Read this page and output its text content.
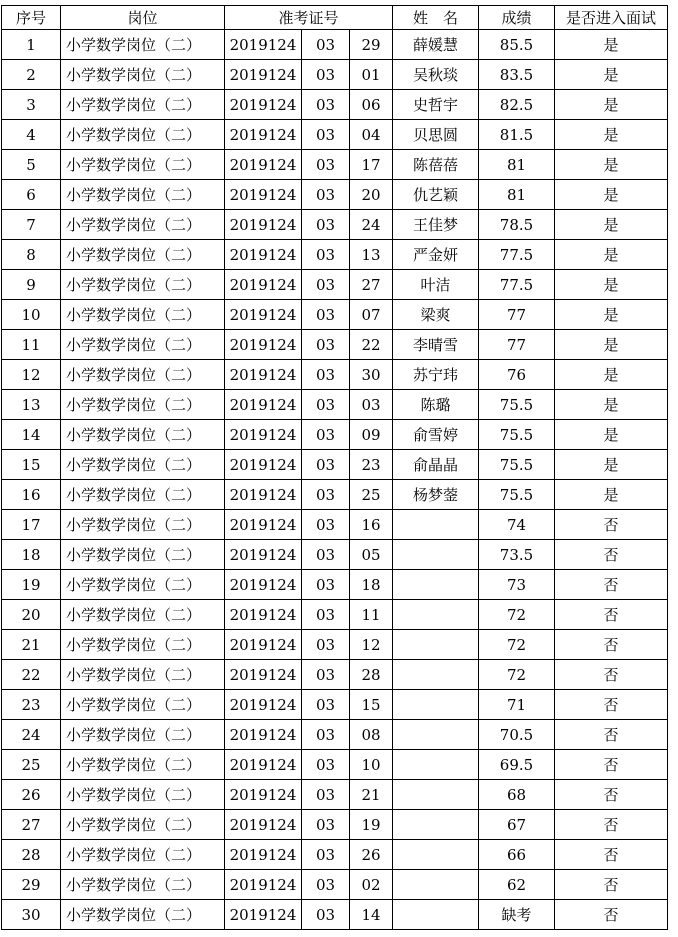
序号	岗位	准考证号			姓　名	成绩	是否进入面试
1	小学数学岗位（二）	2019124	03	29	薛媛慧	85.5	是
2	小学数学岗位（二）	2019124	03	01	吴秋琰	83.5	是
3	小学数学岗位（二）	2019124	03	06	史哲宇	82.5	是
4	小学数学岗位（二）	2019124	03	04	贝思圆	81.5	是
5	小学数学岗位（二）	2019124	03	17	陈蓓蓓	81	是
6	小学数学岗位（二）	2019124	03	20	仇艺颖	81	是
7	小学数学岗位（二）	2019124	03	24	王佳梦	78.5	是
8	小学数学岗位（二）	2019124	03	13	严金妍	77.5	是
9	小学数学岗位（二）	2019124	03	27	叶洁	77.5	是
10	小学数学岗位（二）	2019124	03	07	梁爽	77	是
11	小学数学岗位（二）	2019124	03	22	李晴雪	77	是
12	小学数学岗位（二）	2019124	03	30	苏宁玮	76	是
13	小学数学岗位（二）	2019124	03	03	陈璐	75.5	是
14	小学数学岗位（二）	2019124	03	09	俞雪婷	75.5	是
15	小学数学岗位（二）	2019124	03	23	俞晶晶	75.5	是
16	小学数学岗位（二）	2019124	03	25	杨梦蓥	75.5	是
17	小学数学岗位（二）	2019124	03	16		74	否
18	小学数学岗位（二）	2019124	03	05		73.5	否
19	小学数学岗位（二）	2019124	03	18		73	否
20	小学数学岗位（二）	2019124	03	11		72	否
21	小学数学岗位（二）	2019124	03	12		72	否
22	小学数学岗位（二）	2019124	03	28		72	否
23	小学数学岗位（二）	2019124	03	15		71	否
24	小学数学岗位（二）	2019124	03	08		70.5	否
25	小学数学岗位（二）	2019124	03	10		69.5	否
26	小学数学岗位（二）	2019124	03	21		68	否
27	小学数学岗位（二）	2019124	03	19		67	否
28	小学数学岗位（二）	2019124	03	26		66	否
29	小学数学岗位（二）	2019124	03	02		62	否
30	小学数学岗位（二）	2019124	03	14		缺考	否
